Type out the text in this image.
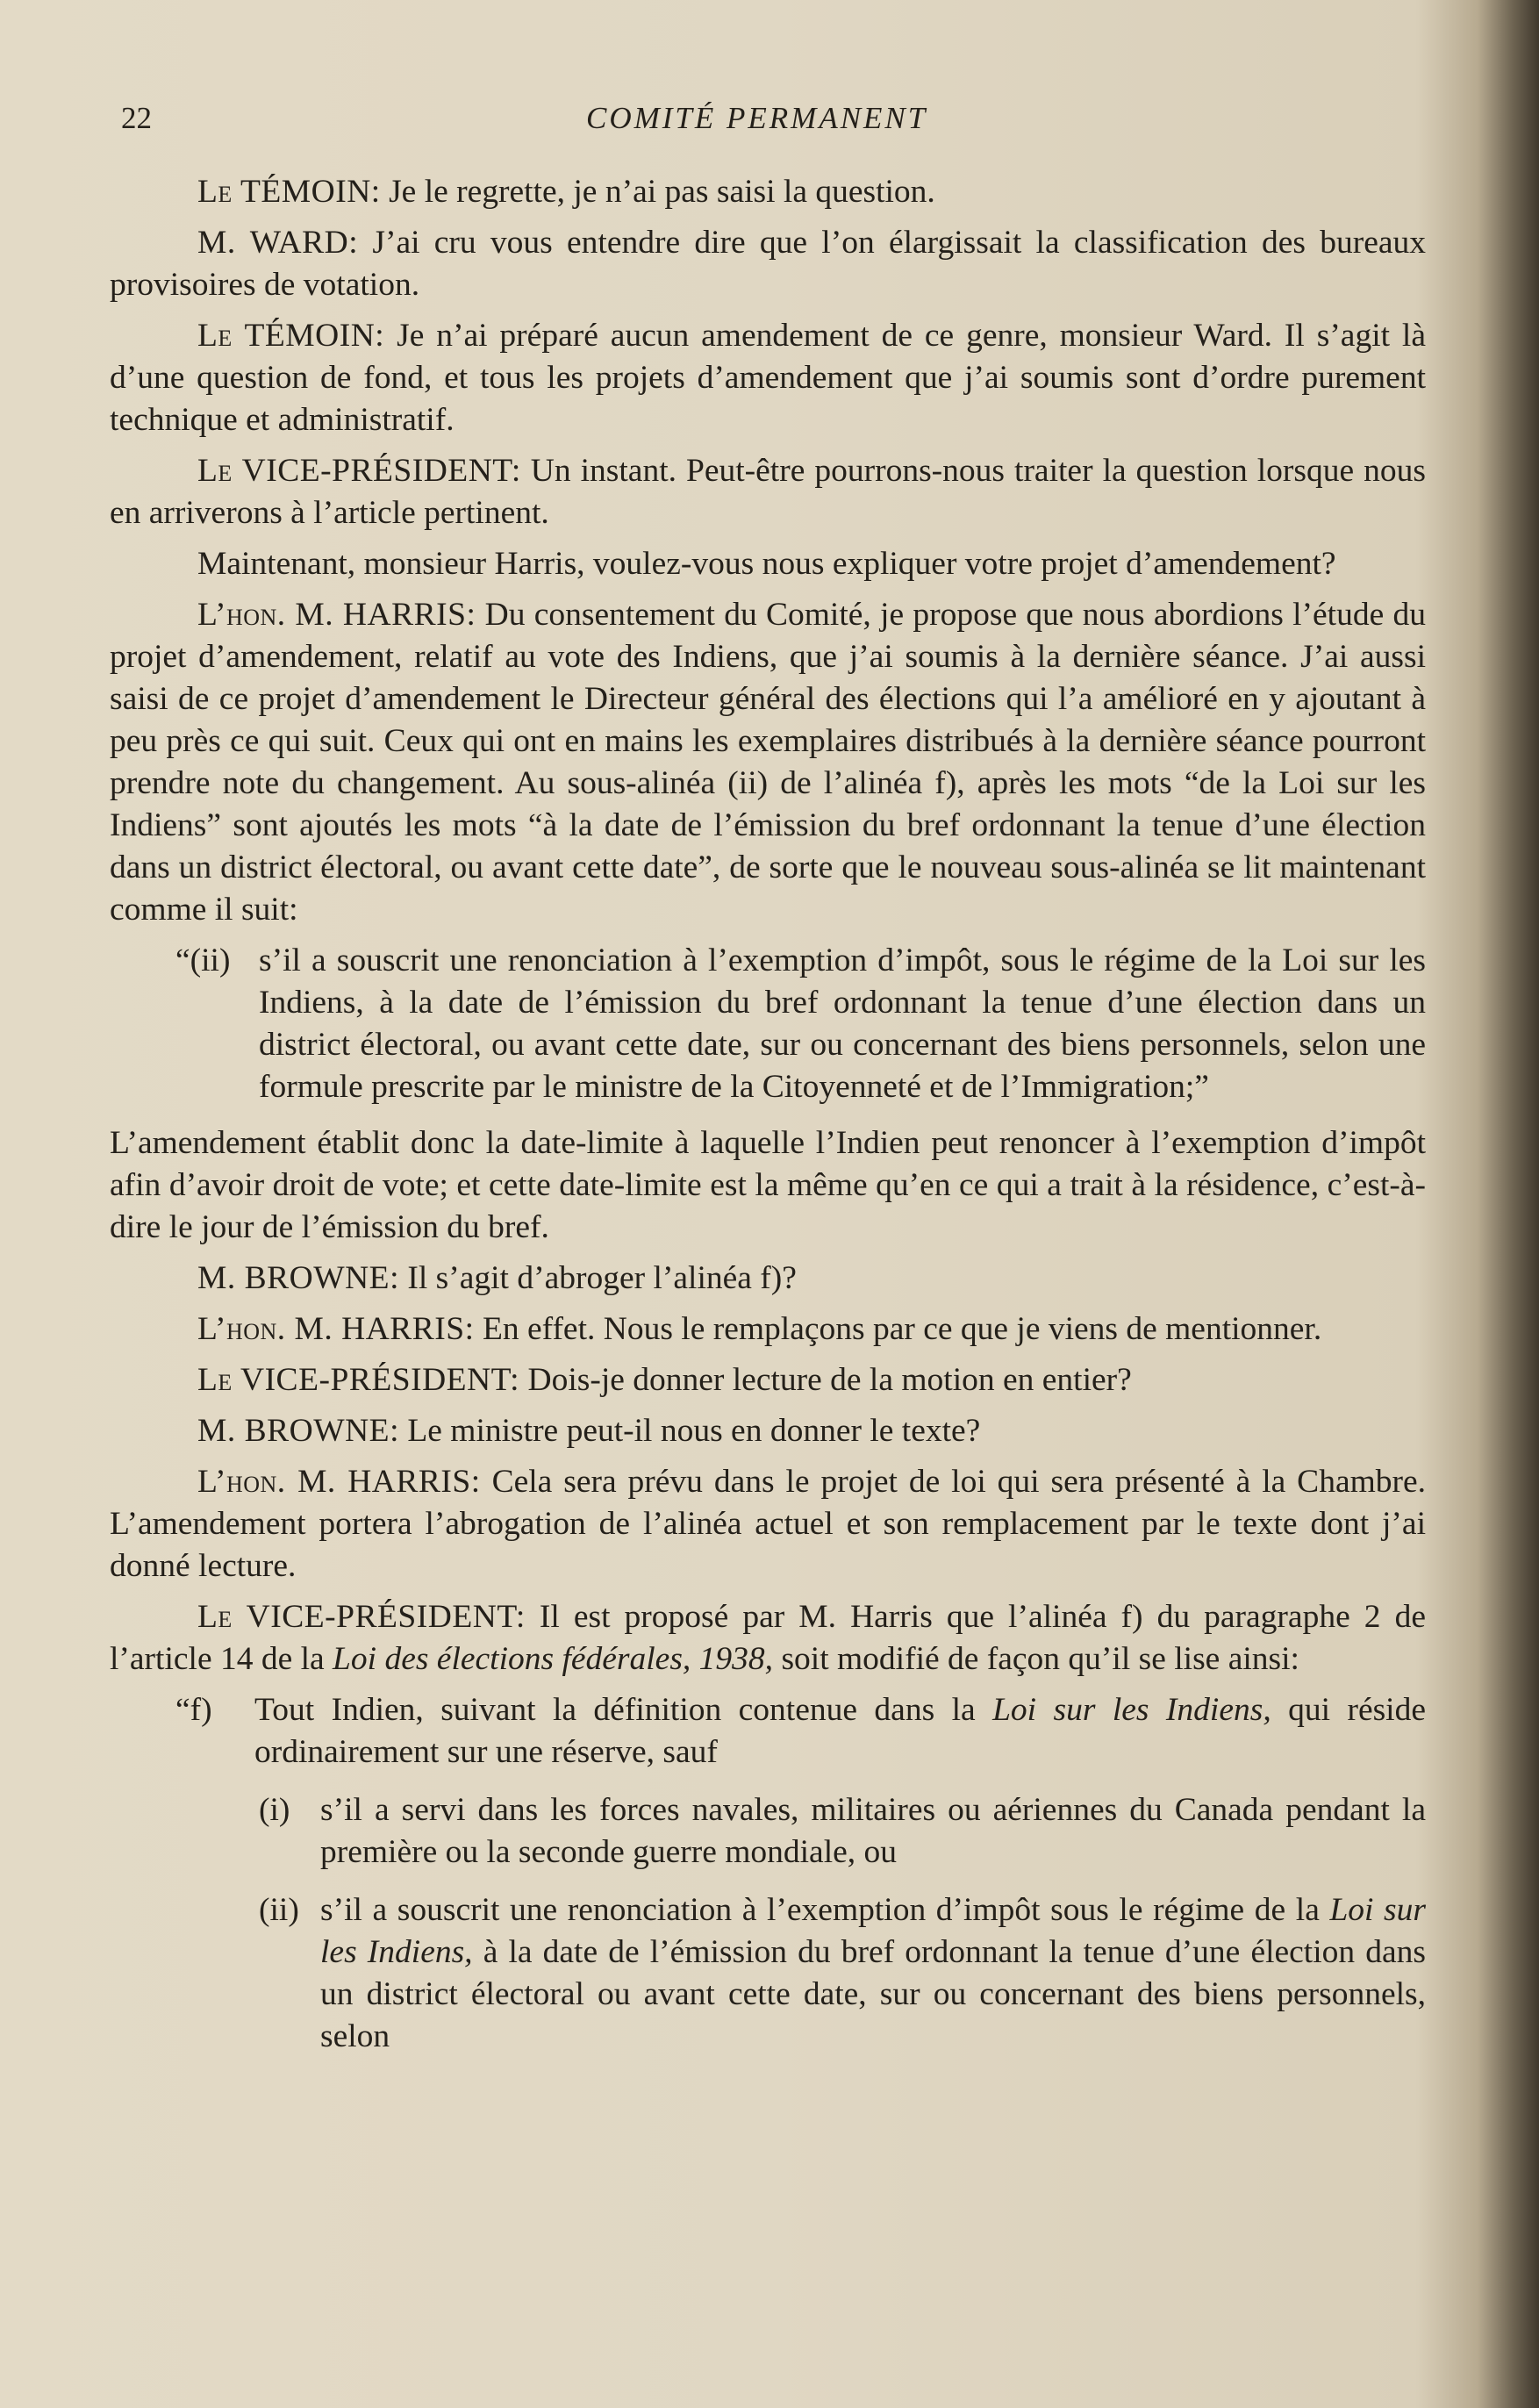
22	COMITÉ PERMANENT

Le TÉMOIN: Je le regrette, je n’ai pas saisi la question.

M. WARD: J’ai cru vous entendre dire que l’on élargissait la classification des bureaux provisoires de votation.

Le TÉMOIN: Je n’ai préparé aucun amendement de ce genre, monsieur Ward. Il s’agit là d’une question de fond, et tous les projets d’amendement que j’ai soumis sont d’ordre purement technique et administratif.

Le VICE-PRÉSIDENT: Un instant. Peut-être pourrons-nous traiter la question lorsque nous en arriverons à l’article pertinent.

Maintenant, monsieur Harris, voulez-vous nous expliquer votre projet d’amendement?

L’hon. M. HARRIS: Du consentement du Comité, je propose que nous abordions l’étude du projet d’amendement, relatif au vote des Indiens, que j’ai soumis à la dernière séance. J’ai aussi saisi de ce projet d’amendement le Directeur général des élections qui l’a amélioré en y ajoutant à peu près ce qui suit. Ceux qui ont en mains les exemplaires distribués à la dernière séance pourront prendre note du changement. Au sous-alinéa (ii) de l’alinéa f), après les mots “de la Loi sur les Indiens” sont ajoutés les mots “à la date de l’émission du bref ordonnant la tenue d’une élection dans un district électoral, ou avant cette date”, de sorte que le nouveau sous-alinéa se lit maintenant comme il suit:

“(ii) s’il a souscrit une renonciation à l’exemption d’impôt, sous le régime de la Loi sur les Indiens, à la date de l’émission du bref ordonnant la tenue d’une élection dans un district électoral, ou avant cette date, sur ou concernant des biens personnels, selon une formule prescrite par le ministre de la Citoyenneté et de l’Immigration;”

L’amendement établit donc la date-limite à laquelle l’Indien peut renoncer à l’exemption d’impôt afin d’avoir droit de vote; et cette date-limite est la même qu’en ce qui a trait à la résidence, c’est-à-dire le jour de l’émission du bref.

M. BROWNE: Il s’agit d’abroger l’alinéa f)?

L’hon. M. HARRIS: En effet. Nous le remplaçons par ce que je viens de mentionner.

Le VICE-PRÉSIDENT: Dois-je donner lecture de la motion en entier?

M. BROWNE: Le ministre peut-il nous en donner le texte?

L’hon. M. HARRIS: Cela sera prévu dans le projet de loi qui sera présenté à la Chambre. L’amendement portera l’abrogation de l’alinéa actuel et son remplacement par le texte dont j’ai donné lecture.

Le VICE-PRÉSIDENT: Il est proposé par M. Harris que l’alinéa f) du paragraphe 2 de l’article 14 de la Loi des élections fédérales, 1938, soit modifié de façon qu’il se lise ainsi:

“f)	Tout Indien, suivant la définition contenue dans la Loi sur les Indiens, qui réside ordinairement sur une réserve, sauf
(i) s’il a servi dans les forces navales, militaires ou aériennes du Canada pendant la première ou la seconde guerre mondiale, ou
(ii) s’il a souscrit une renonciation à l’exemption d’impôt sous le régime de la Loi sur les Indiens, à la date de l’émission du bref ordonnant la tenue d’une élection dans un district électoral ou avant cette date, sur ou concernant des biens personnels, selon
